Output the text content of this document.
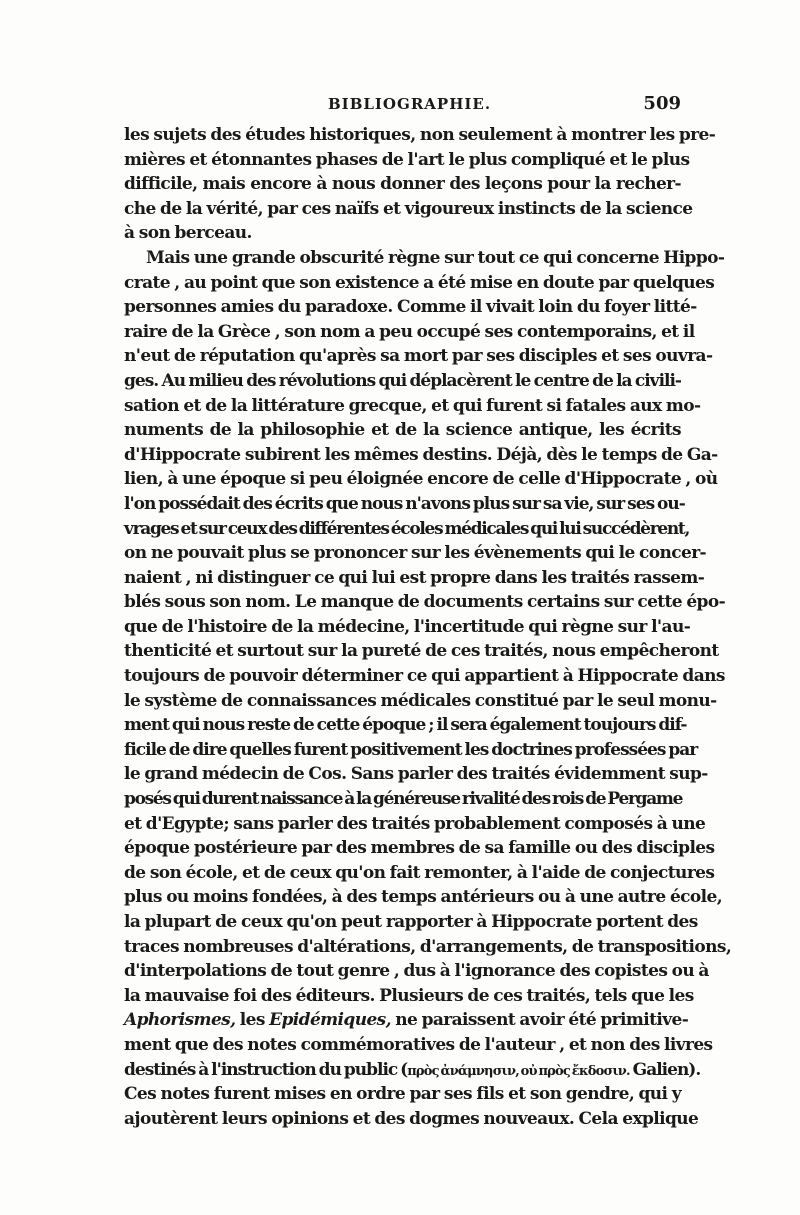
BIBLIOGRAPHIE.	509
les sujets des études historiques, non seulement à montrer les pre-
mières et étonnantes phases de l'art le plus compliqué et le plus
difficile, mais encore à nous donner des leçons pour la recher-
che de la vérité, par ces naïfs et vigoureux instincts de la science
à son berceau.
Mais une grande obscurité règne sur tout ce qui concerne Hippo-
crate , au point que son existence a été mise en doute par quelques
personnes amies du paradoxe. Comme il vivait loin du foyer litté-
raire de la Grèce , son nom a peu occupé ses contemporains, et il
n'eut de réputation qu'après sa mort par ses disciples et ses ouvra-
ges. Au milieu des révolutions qui déplacèrent le centre de la civili-
sation et de la littérature grecque, et qui furent si fatales aux mo-
numents de la philosophie et de la science antique, les écrits
d'Hippocrate subirent les mêmes destins. Déjà, dès le temps de Ga-
lien, à une époque si peu éloignée encore de celle d'Hippocrate , où
l'on possédait des écrits que nous n'avons plus sur sa vie, sur ses ou-
vrages et sur ceux des différentes écoles médicales qui lui succédèrent,
on ne pouvait plus se prononcer sur les évènements qui le concer-
naient , ni distinguer ce qui lui est propre dans les traités rassem-
blés sous son nom. Le manque de documents certains sur cette épo-
que de l'histoire de la médecine, l'incertitude qui règne sur l'au-
thenticité et surtout sur la pureté de ces traités, nous empêcheront
toujours de pouvoir déterminer ce qui appartient à Hippocrate dans
le système de connaissances médicales constitué par le seul monu-
ment qui nous reste de cette époque ; il sera également toujours dif-
ficile de dire quelles furent positivement les doctrines professées par
le grand médecin de Cos. Sans parler des traités évidemment sup-
posés qui durent naissance à la généreuse rivalité des rois de Pergame
et d'Egypte; sans parler des traités probablement composés à une
époque postérieure par des membres de sa famille ou des disciples
de son école, et de ceux qu'on fait remonter, à l'aide de conjectures
plus ou moins fondées, à des temps antérieurs ou à une autre école,
la plupart de ceux qu'on peut rapporter à Hippocrate portent des
traces nombreuses d'altérations, d'arrangements, de transpositions,
d'interpolations de tout genre , dus à l'ignorance des copistes ou à
la mauvaise foi des éditeurs. Plusieurs de ces traités, tels que les
Aphorismes, les Epidémiques, ne paraissent avoir été primitive-
ment que des notes commémoratives de l'auteur , et non des livres
destinés à l'instruction du public (πρὸς ἀνάμνησιν, οὐ πρὸς ἔκδοσιν. Galien).
Ces notes furent mises en ordre par ses fils et son gendre, qui y
ajoutèrent leurs opinions et des dogmes nouveaux. Cela explique
